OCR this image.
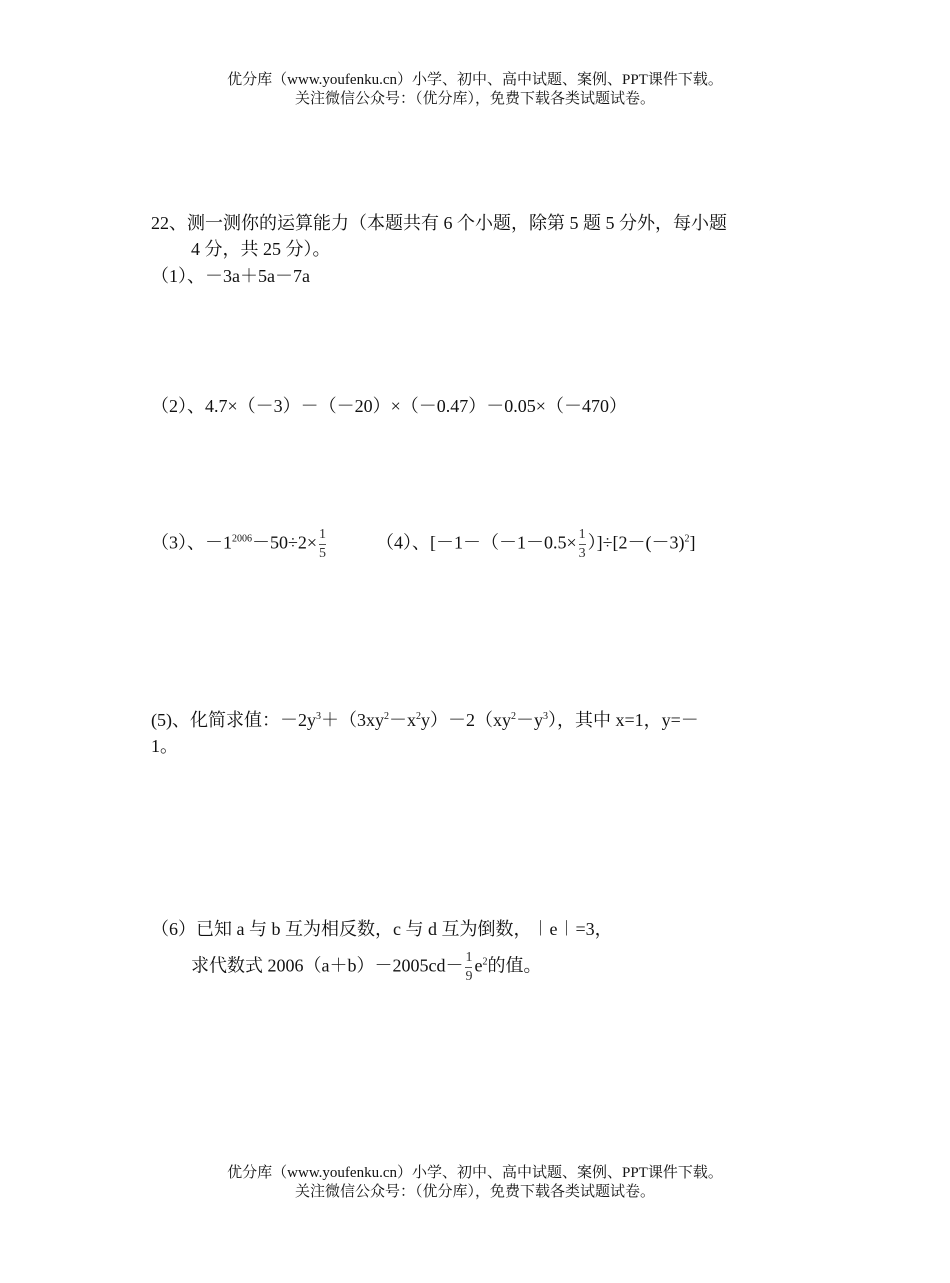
优分库（www.youfenku.cn）小学、初中、高中试题、案例、PPT课件下载。
关注微信公众号：（优分库），免费下载各类试题试卷。
22、测一测你的运算能力（本题共有 6 个小题，除第 5 题 5 分外，每小题
4 分，共 25 分）。
（1）、－3a＋5a－7a
（2）、4.7×（－3）－（－20）×（－0.47）－0.05×（－470）
（3）、$-1^{2006}-50\div 2\times \frac{1}{5}$	（4）、$[-1-(-1-0.5\times \frac{1}{3} )]\div[2-(-3)^2]$
(5)、化简求值：$-2y^3+(3xy^2-x^2y)-2(xy^2-y^3)$，其中 x=1，y=－
1。
（6）已知 a 与 b 互为相反数，c 与 d 互为倒数，︱e︱=3，
求代数式 $2006(a+b)-2005cd- \frac{1}{9} e^2$的值。
优分库（www.youfenku.cn）小学、初中、高中试题、案例、PPT课件下载。
关注微信公众号：（优分库），免费下载各类试题试卷。
